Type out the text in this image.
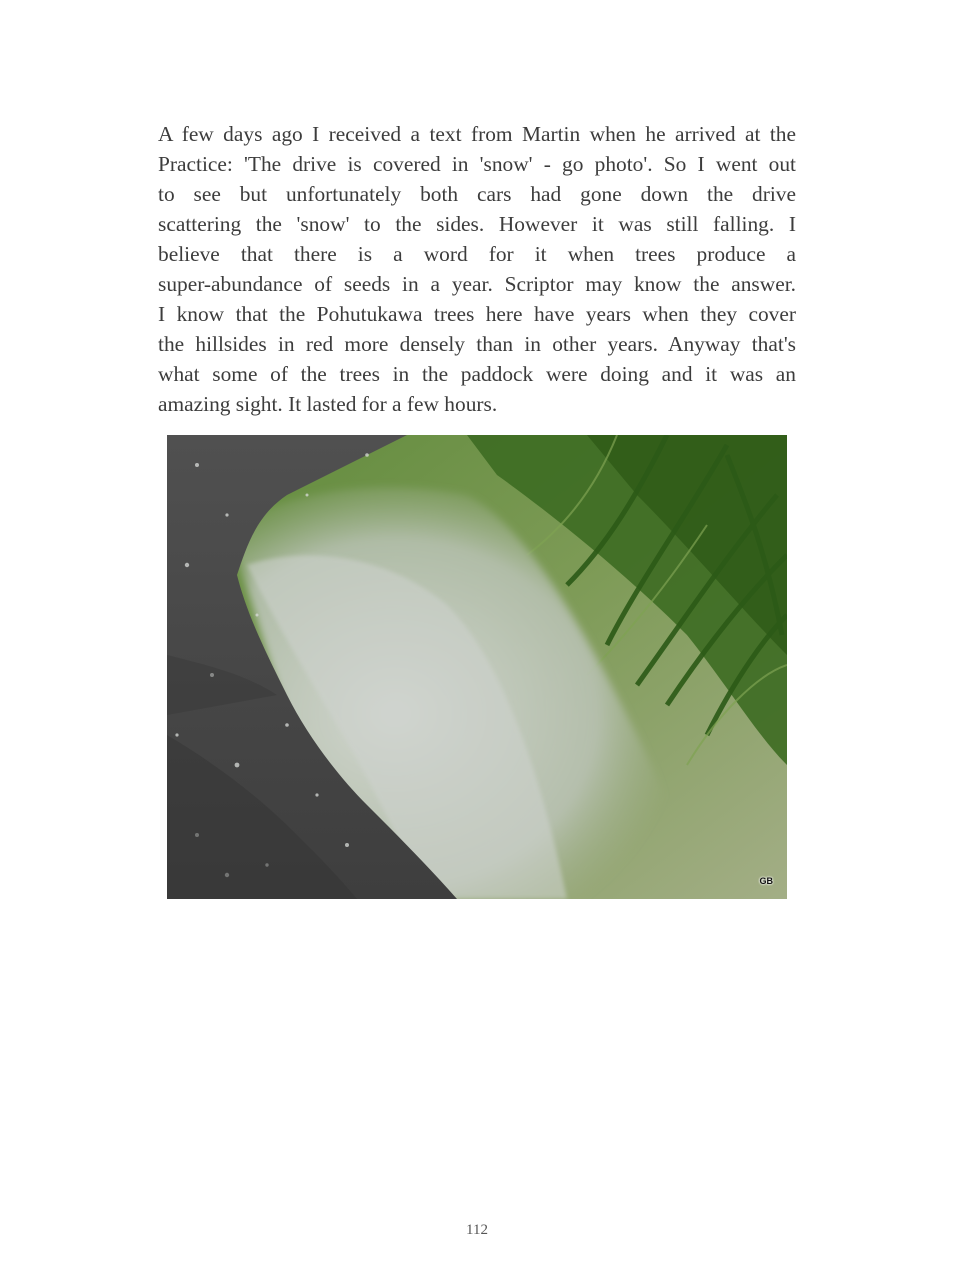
A few days ago I received a text from Martin when he arrived at the
Practice: 'The drive is covered in 'snow' - go photo'. So I went out
to see but unfortunately both cars had gone down the drive
scattering the 'snow' to the sides. However it was still falling. I
believe that there is a word for it when trees produce a
super-abundance of seeds in a year. Scriptor may know the answer.
I know that the Pohutukawa trees here have years when they cover
the hillsides in red more densely than in other years. Anyway that's
what some of the trees in the paddock were doing and it was an
amazing sight. It lasted for a few hours.
GB
112
